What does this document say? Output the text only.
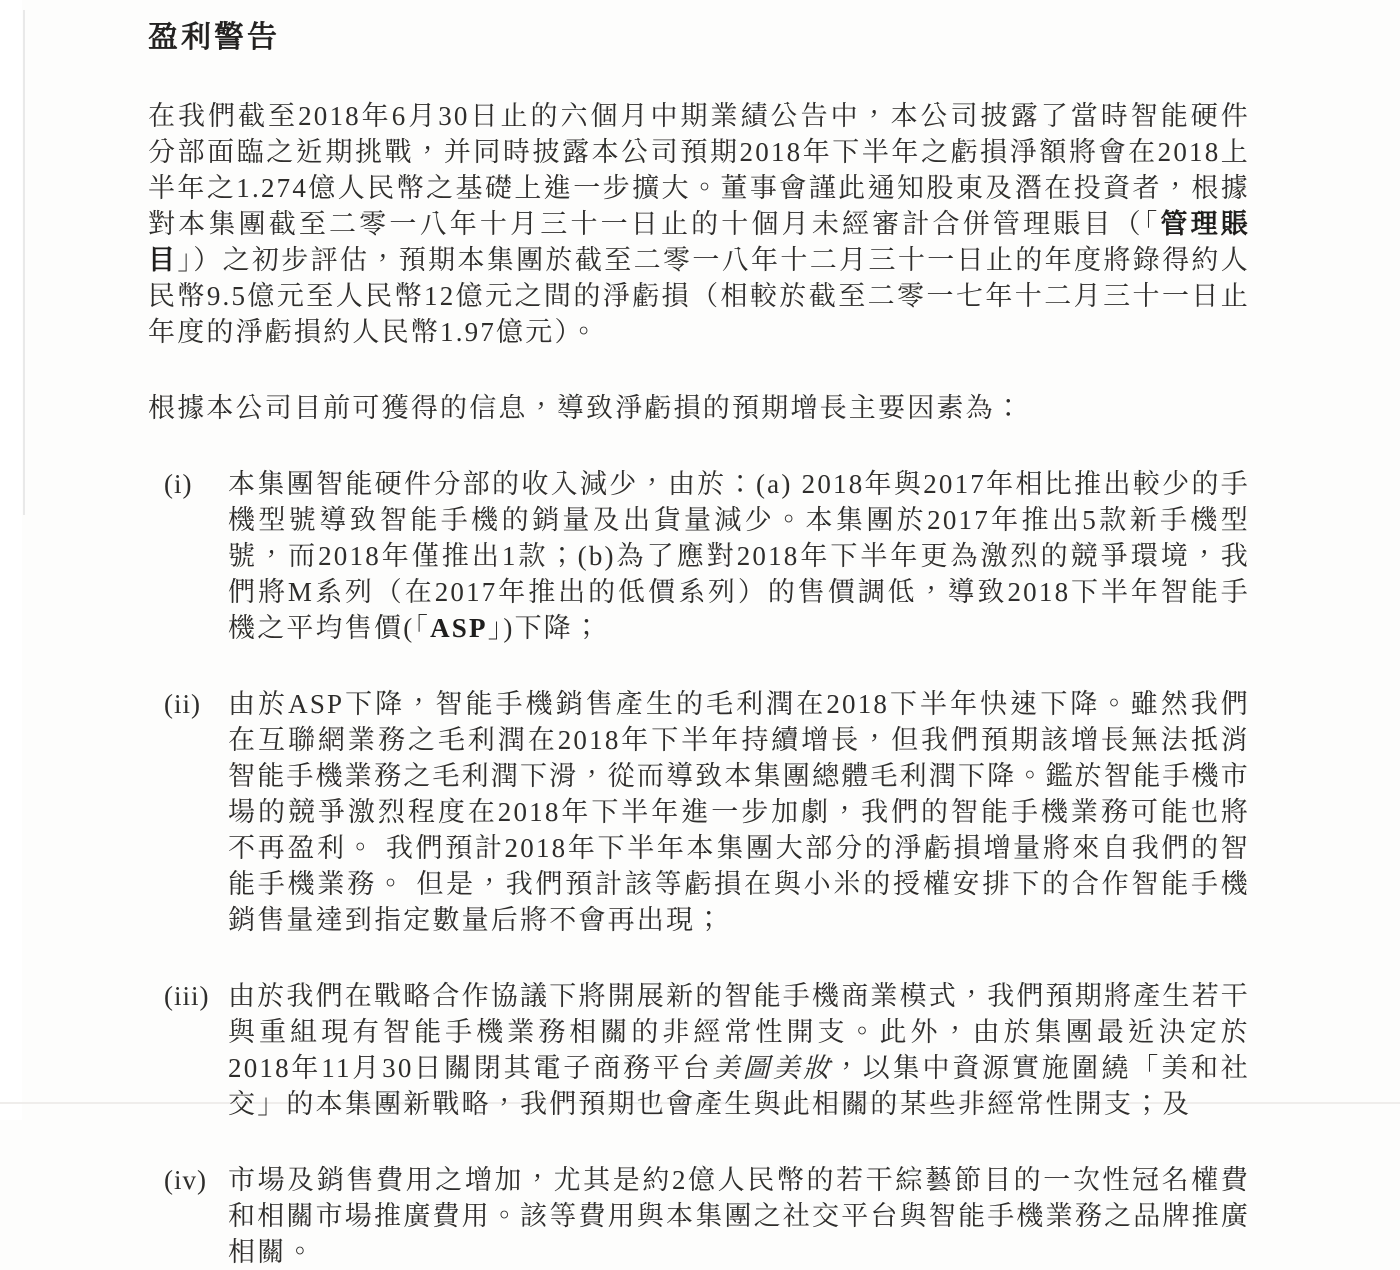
盈利警告

在我們截至2018年6月30日止的六個月中期業績公告中，本公司披露了當時智能硬件分部面臨之近期挑戰，并同時披露本公司預期2018年下半年之虧損淨額將會在2018上半年之1.274億人民幣之基礎上進一步擴大。董事會謹此通知股東及潛在投資者，根據對本集團截至二零一八年十月三十一日止的十個月未經審計合併管理賬目（「管理賬目」）之初步評估，預期本集團於截至二零一八年十二月三十一日止的年度將錄得約人民幣9.5億元至人民幣12億元之間的淨虧損（相較於截至二零一七年十二月三十一日止年度的淨虧損約人民幣1.97億元）。

根據本公司目前可獲得的信息，導致淨虧損的預期增長主要因素為：

(i)	本集團智能硬件分部的收入減少，由於：(a) 2018年與2017年相比推出較少的手機型號導致智能手機的銷量及出貨量減少。本集團於2017年推出5款新手機型號，而2018年僅推出1款；(b)為了應對2018年下半年更為激烈的競爭環境，我們將M系列（在2017年推出的低價系列）的售價調低，導致2018下半年智能手機之平均售價(「ASP」)下降；
(ii)	由於ASP下降，智能手機銷售產生的毛利潤在2018下半年快速下降。雖然我們在互聯網業務之毛利潤在2018年下半年持續增長，但我們預期該增長無法抵消智能手機業務之毛利潤下滑，從而導致本集團總體毛利潤下降。鑑於智能手機市場的競爭激烈程度在2018年下半年進一步加劇，我們的智能手機業務可能也將不再盈利。 我們預計2018年下半年本集團大部分的淨虧損增量將來自我們的智能手機業務。 但是，我們預計該等虧損在與小米的授權安排下的合作智能手機銷售量達到指定數量后將不會再出現；
(iii) 由於我們在戰略合作協議下將開展新的智能手機商業模式，我們預期將產生若干與重組現有智能手機業務相關的非經常性開支。此外，由於集團最近決定於2018年11月30日關閉其電子商務平台美圖美妝，以集中資源實施圍繞「美和社交」的本集團新戰略，我們預期也會產生與此相關的某些非經常性開支；及
(iv) 市場及銷售費用之增加，尤其是約2億人民幣的若干綜藝節目的一次性冠名權費和相關市場推廣費用。該等費用與本集團之社交平台與智能手機業務之品牌推廣相關。
